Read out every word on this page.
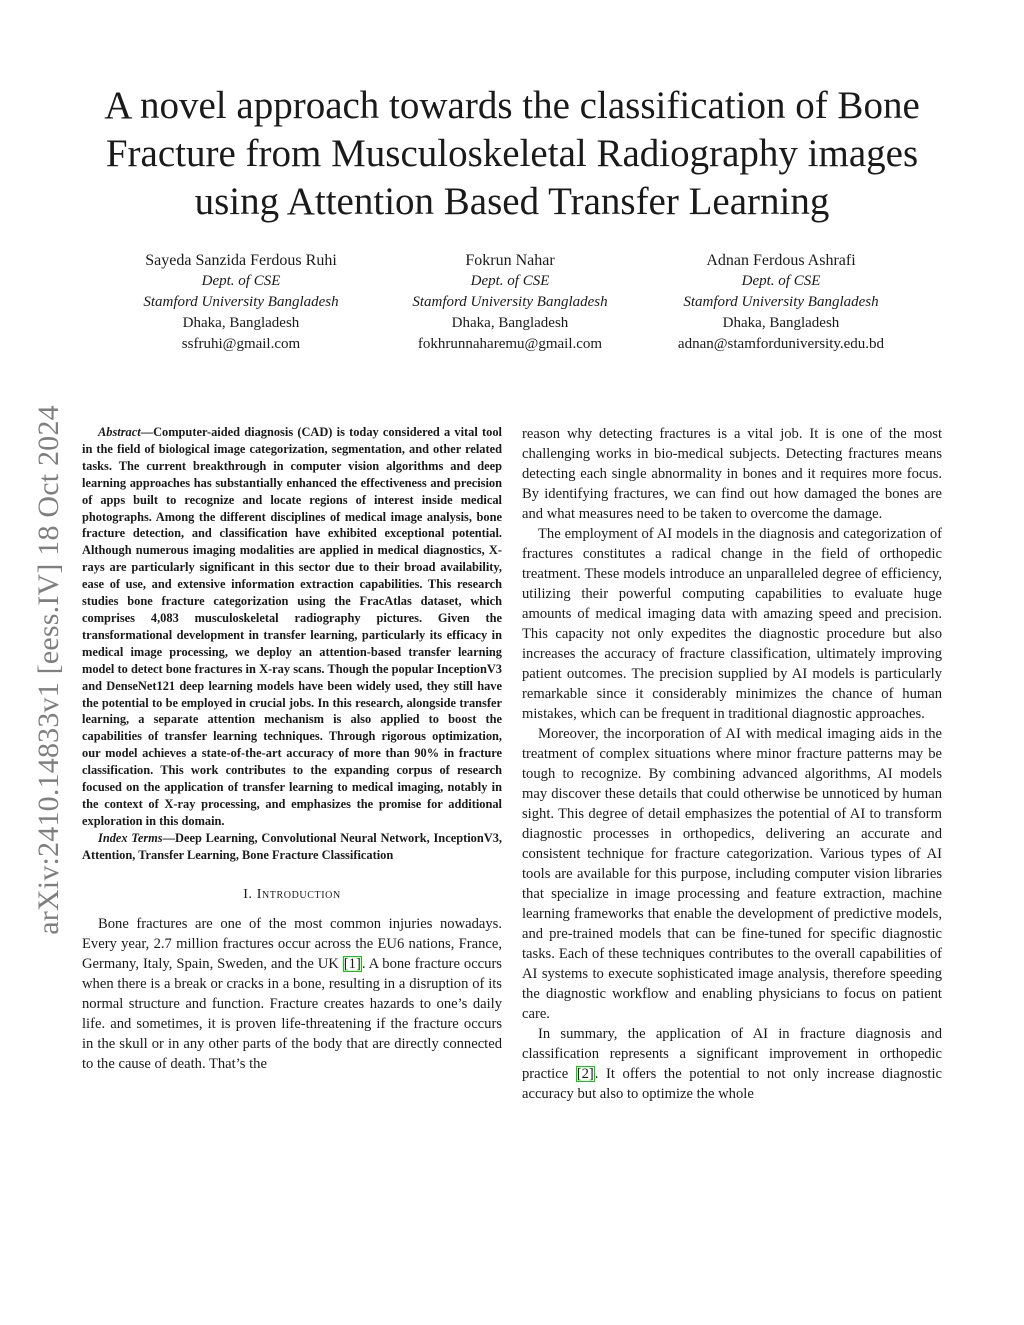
arXiv:2410.14833v1 [eess.IV] 18 Oct 2024
A novel approach towards the classification of Bone
Fracture from Musculoskeletal Radiography images
using Attention Based Transfer Learning
Sayeda Sanzida Ferdous Ruhi
Dept. of CSE
Stamford University Bangladesh
Dhaka, Bangladesh
ssfruhi@gmail.com
Fokrun Nahar
Dept. of CSE
Stamford University Bangladesh
Dhaka, Bangladesh
fokhrunnaharemu@gmail.com
Adnan Ferdous Ashrafi
Dept. of CSE
Stamford University Bangladesh
Dhaka, Bangladesh
adnan@stamforduniversity.edu.bd

Abstract—Computer-aided diagnosis (CAD) is today considered a vital tool in the field of biological image categorization, segmentation, and other related tasks. The current breakthrough in computer vision algorithms and deep learning approaches has substantially enhanced the effectiveness and precision of apps built to recognize and locate regions of interest inside medical photographs. Among the different disciplines of medical image analysis, bone fracture detection, and classification have exhibited exceptional potential. Although numerous imaging modalities are applied in medical diagnostics, X-rays are particularly significant in this sector due to their broad availability, ease of use, and extensive information extraction capabilities. This research studies bone fracture categorization using the FracAtlas dataset, which comprises 4,083 musculoskeletal radiography pictures. Given the transformational development in transfer learning, particularly its efficacy in medical image processing, we deploy an attention-based transfer learning model to detect bone fractures in X-ray scans. Though the popular InceptionV3 and DenseNet121 deep learning models have been widely used, they still have the potential to be employed in crucial jobs. In this research, alongside transfer learning, a separate attention mechanism is also applied to boost the capabilities of transfer learning techniques. Through rigorous optimization, our model achieves a state-of-the-art accuracy of more than 90% in fracture classification. This work contributes to the expanding corpus of research focused on the application of transfer learning to medical imaging, notably in the context of X-ray processing, and emphasizes the promise for additional exploration in this domain.

Index Terms—Deep Learning, Convolutional Neural Network, InceptionV3, Attention, Transfer Learning, Bone Fracture Classification

I. Introduction

Bone fractures are one of the most common injuries nowadays. Every year, 2.7 million fractures occur across the EU6 nations, France, Germany, Italy, Spain, Sweden, and the UK [1]. A bone fracture occurs when there is a break or cracks in a bone, resulting in a disruption of its normal structure and function. Fracture creates hazards to one’s daily life. and sometimes, it is proven life-threatening if the fracture occurs in the skull or in any other parts of the body that are directly connected to the cause of death. That’s the

reason why detecting fractures is a vital job. It is one of the most challenging works in bio-medical subjects. Detecting fractures means detecting each single abnormality in bones and it requires more focus. By identifying fractures, we can find out how damaged the bones are and what measures need to be taken to overcome the damage.

The employment of AI models in the diagnosis and categorization of fractures constitutes a radical change in the field of orthopedic treatment. These models introduce an unparalleled degree of efficiency, utilizing their powerful computing capabilities to evaluate huge amounts of medical imaging data with amazing speed and precision. This capacity not only expedites the diagnostic procedure but also increases the accuracy of fracture classification, ultimately improving patient outcomes. The precision supplied by AI models is particularly remarkable since it considerably minimizes the chance of human mistakes, which can be frequent in traditional diagnostic approaches.

Moreover, the incorporation of AI with medical imaging aids in the treatment of complex situations where minor fracture patterns may be tough to recognize. By combining advanced algorithms, AI models may discover these details that could otherwise be unnoticed by human sight. This degree of detail emphasizes the potential of AI to transform diagnostic processes in orthopedics, delivering an accurate and consistent technique for fracture categorization. Various types of AI tools are available for this purpose, including computer vision libraries that specialize in image processing and feature extraction, machine learning frameworks that enable the development of predictive models, and pre-trained models that can be fine-tuned for specific diagnostic tasks. Each of these techniques contributes to the overall capabilities of AI systems to execute sophisticated image analysis, therefore speeding the diagnostic workflow and enabling physicians to focus on patient care.

In summary, the application of AI in fracture diagnosis and classification represents a significant improvement in orthopedic practice [2]. It offers the potential to not only increase diagnostic accuracy but also to optimize the whole
